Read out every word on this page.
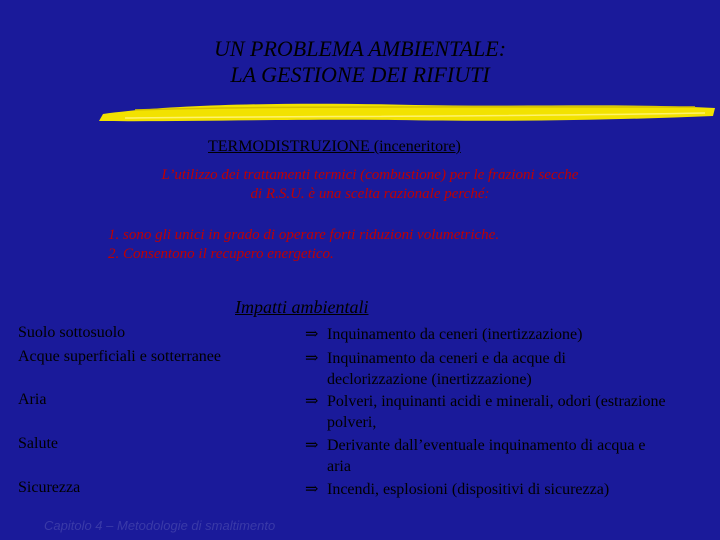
UN PROBLEMA AMBIENTALE:
LA GESTIONE DEI RIFIUTI
TERMODISTRUZIONE (inceneritore)
L’utilizzo dei trattamenti termici (combustione) per le frazioni secche
di R.S.U. è una scelta razionale perché:
1. sono gli unici in grado di operare forti riduzioni volumetriche.
2. Consentono il recupero energetico.
Impatti ambientali
Suolo sottosuolo
Acque superficiali e sotterranee
Aria
Salute
Sicurezza
⇒ Inquinamento da ceneri (inertizzazione)
⇒ Inquinamento da ceneri e da acque di
declorizzazione (inertizzazione)
⇒ Polveri, inquinanti acidi e minerali, odori (estrazione
polveri,
⇒ Derivante dall’eventuale inquinamento di acqua e
aria
⇒ Incendi, esplosioni (dispositivi di sicurezza)
Capitolo 4 – Metodologie di smaltimento
